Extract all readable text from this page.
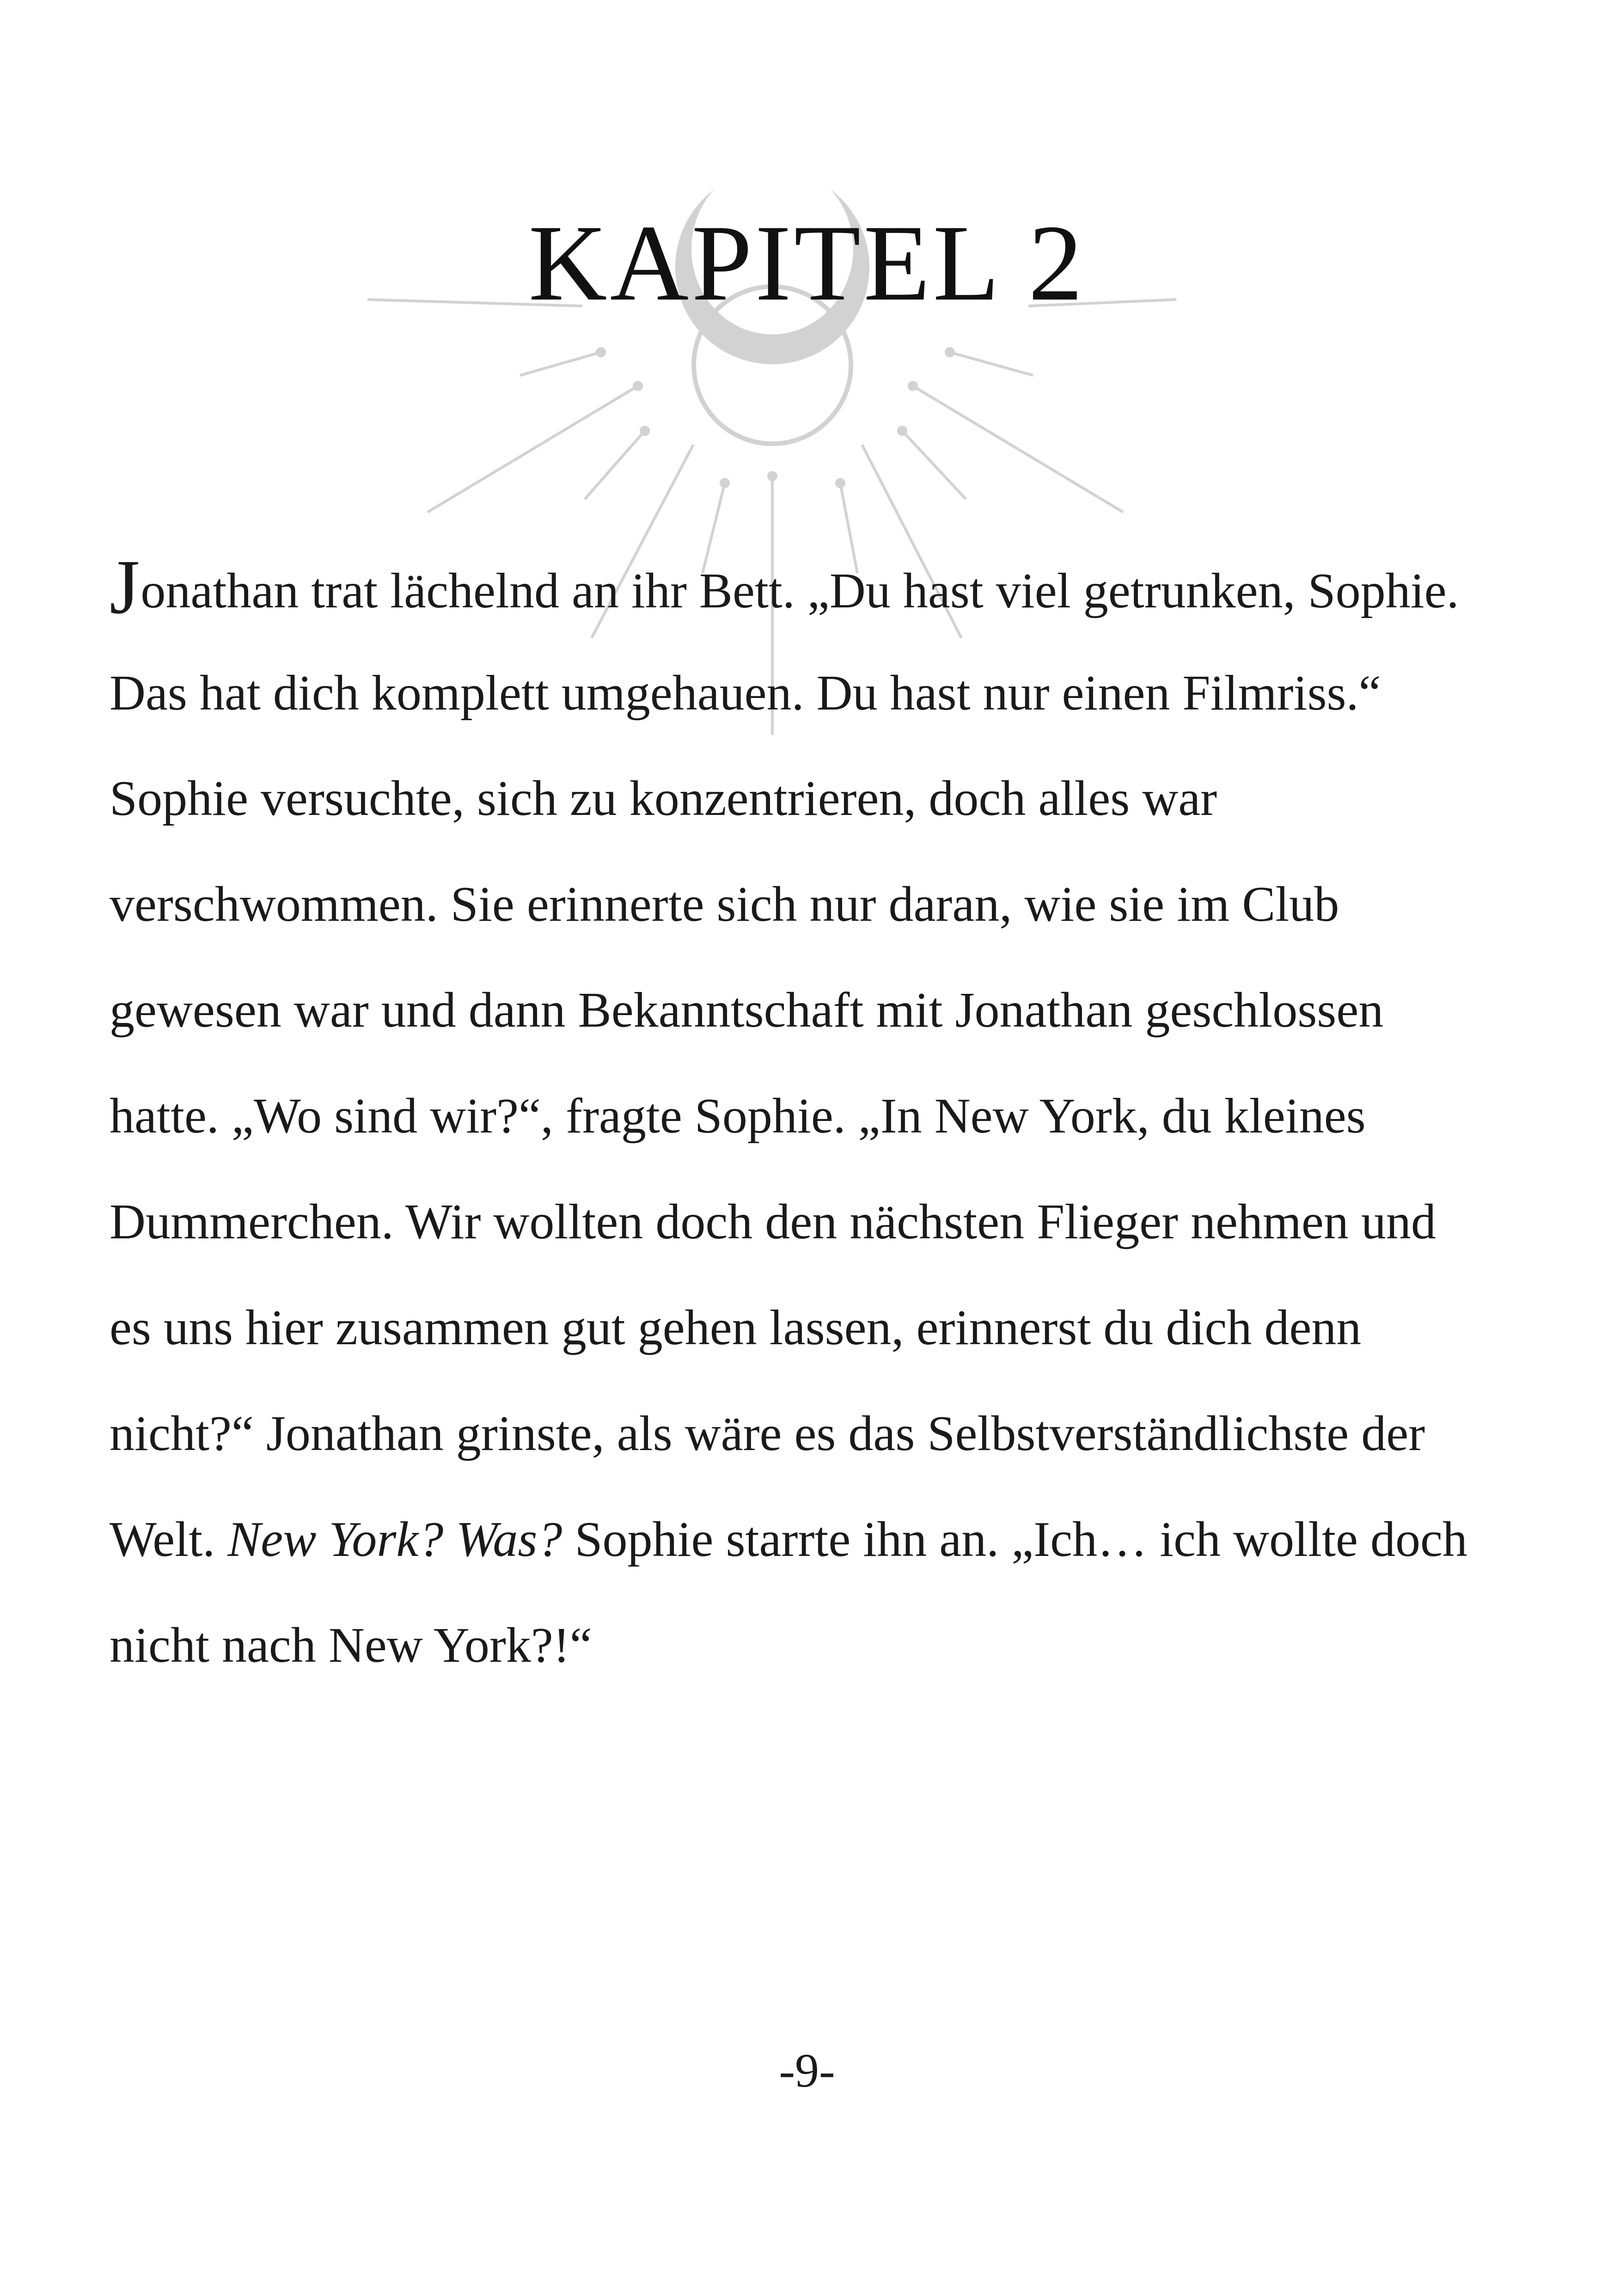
KAPITEL 2
Jonathan trat lächelnd an ihr Bett. „Du hast viel getrunken, Sophie.
Das hat dich komplett umgehauen. Du hast nur einen Filmriss.“
Sophie versuchte, sich zu konzentrieren, doch alles war
verschwommen. Sie erinnerte sich nur daran, wie sie im Club
gewesen war und dann Bekanntschaft mit Jonathan geschlossen
hatte. „Wo sind wir?“, fragte Sophie. „In New York, du kleines
Dummerchen. Wir wollten doch den nächsten Flieger nehmen und
es uns hier zusammen gut gehen lassen, erinnerst du dich denn
nicht?“ Jonathan grinste, als wäre es das Selbstverständlichste der
Welt. New York? Was? Sophie starrte ihn an. „Ich… ich wollte doch
nicht nach New York?!“
-9-
